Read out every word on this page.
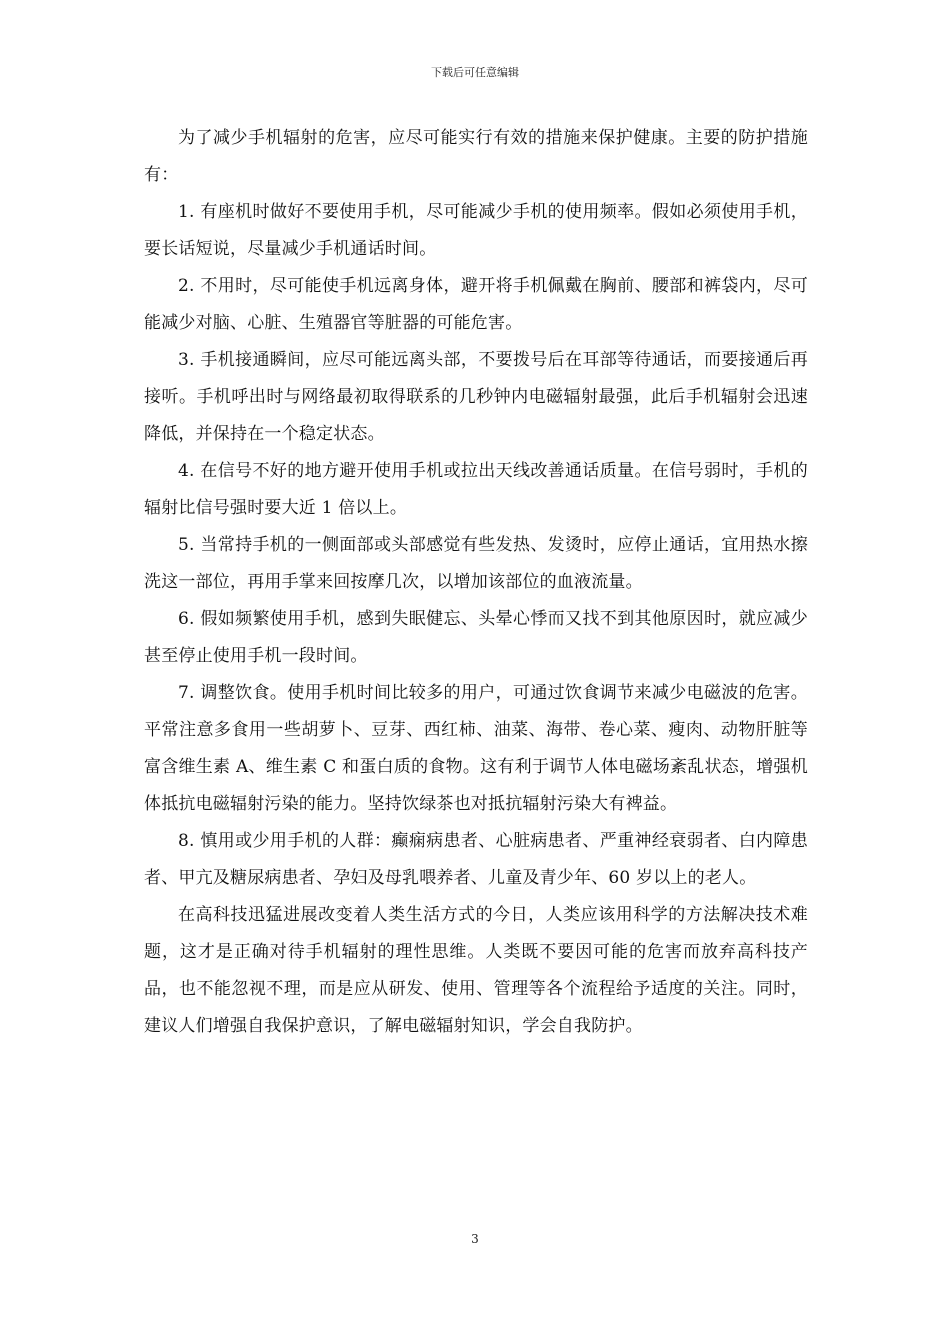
下载后可任意编辑

为了减少手机辐射的危害，应尽可能实行有效的措施来保护健康。主要的防护措施有：

1. 有座机时做好不要使用手机，尽可能减少手机的使用频率。假如必须使用手机，要长话短说，尽量减少手机通话时间。

2. 不用时，尽可能使手机远离身体，避开将手机佩戴在胸前、腰部和裤袋内，尽可能减少对脑、心脏、生殖器官等脏器的可能危害。

3. 手机接通瞬间，应尽可能远离头部，不要拨号后在耳部等待通话，而要接通后再接听。手机呼出时与网络最初取得联系的几秒钟内电磁辐射最强，此后手机辐射会迅速降低，并保持在一个稳定状态。

4. 在信号不好的地方避开使用手机或拉出天线改善通话质量。在信号弱时，手机的辐射比信号强时要大近 1 倍以上。

5. 当常持手机的一侧面部或头部感觉有些发热、发烫时，应停止通话，宜用热水擦洗这一部位，再用手掌来回按摩几次，以增加该部位的血液流量。

6. 假如频繁使用手机，感到失眠健忘、头晕心悸而又找不到其他原因时，就应减少甚至停止使用手机一段时间。

7. 调整饮食。使用手机时间比较多的用户，可通过饮食调节来减少电磁波的危害。平常注意多食用一些胡萝卜、豆芽、西红柿、油菜、海带、卷心菜、瘦肉、动物肝脏等富含维生素 A、维生素 C 和蛋白质的食物。这有利于调节人体电磁场紊乱状态，增强机体抵抗电磁辐射污染的能力。坚持饮绿茶也对抵抗辐射污染大有裨益。

8. 慎用或少用手机的人群：癫痫病患者、心脏病患者、严重神经衰弱者、白内障患者、甲亢及糖尿病患者、孕妇及母乳喂养者、儿童及青少年、60 岁以上的老人。

在高科技迅猛进展改变着人类生活方式的今日，人类应该用科学的方法解决技术难题，这才是正确对待手机辐射的理性思维。人类既不要因可能的危害而放弃高科技产品，也不能忽视不理，而是应从研发、使用、管理等各个流程给予适度的关注。同时，建议人们增强自我保护意识，了解电磁辐射知识，学会自我防护。

3
